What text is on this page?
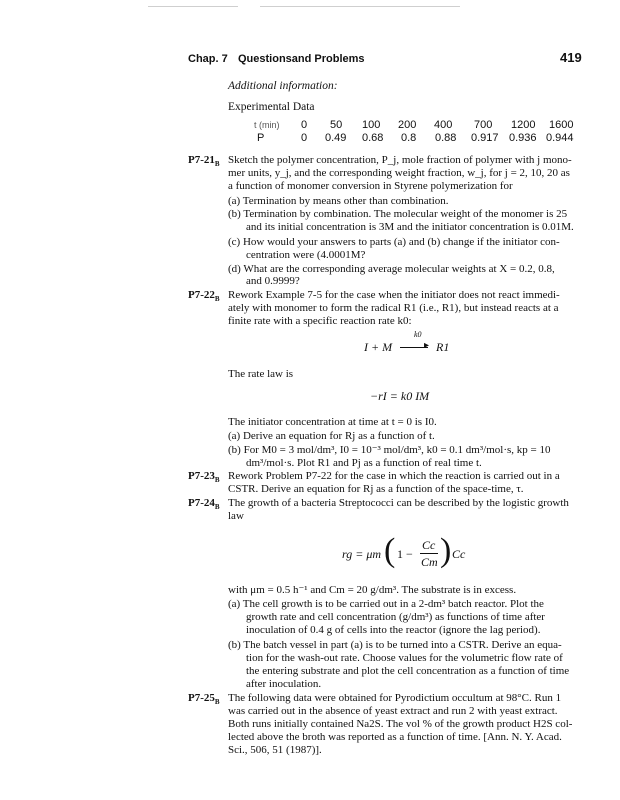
Chap. 7 Questionsand Problems	419
Additional information:
Experimental Data
t (min) 0 50 100 200 400 700 1200 1600
P	0 0.49 0.68 0.8 0.88 0.917 0.936 0.944
$P7-21_B$ Sketch the polymer concentration, P_j, mole fraction of polymer with j mono-
mer units, y_j, and the corresponding weight fraction, w_j, for j = 2, 10, 20 as
a function of monomer conversion in Styrene polymerization for
(a) Termination by means other than combination.
(b) Termination by combination. The molecular weight of the monomer is 25
and its initial concentration is 3M and the initiator concentration is 0.01M.
(c) How would your answers to parts (a) and (b) change if the initiator con-
centration were (4.0001M?
(d) What are the corresponding average molecular weights at X = 0.2, 0.8,
and 0.9999?
$P7-22_B$ Rework Example 7-5 for the case when the initiator does not react immedi-
ately with monomer to form the radical R1 (i.e., R1), but instead reacts at a
finite rate with a specific reaction rate k0:
I + M
k0
▸ R1
The rate law is
−rI = k0 IM
The initiator concentration at time at t = 0 is I0.
(a) Derive an equation for Rj as a function of t.
(b) For M0 = 3 mol/dm³, I0 = 10⁻³ mol/dm³, k0 = 0.1 dm³/mol·s, kp = 10
dm³/mol·s. Plot R1 and Pj as a function of real time t.
$P7-23_B$ Rework Problem P7-22 for the case in which the reaction is carried out in a
CSTR. Derive an equation for Rj as a function of the space-time, τ.
$P7-24_B$ The growth of a bacteria Streptococci can be described by the logistic growth
law
rg = μm ( 1 −
Cc
Cm ) Cc
with μm = 0.5 h⁻¹ and Cm = 20 g/dm³. The substrate is in excess.
(a) The cell growth is to be carried out in a 2-dm³ batch reactor. Plot the
growth rate and cell concentration (g/dm³) as functions of time after
inoculation of 0.4 g of cells into the reactor (ignore the lag period).
(b) The batch vessel in part (a) is to be turned into a CSTR. Derive an equa-
tion for the wash-out rate. Choose values for the volumetric flow rate of
the entering substrate and plot the cell concentration as a function of time
after inoculation.
$P7-25_B$ The following data were obtained for Pyrodictium occultum at 98°C. Run 1
was carried out in the absence of yeast extract and run 2 with yeast extract.
Both runs initially contained Na2S. The vol % of the growth product H2S col-
lected above the broth was reported as a function of time. [Ann. N. Y. Acad.
Sci., 506, 51 (1987)].
